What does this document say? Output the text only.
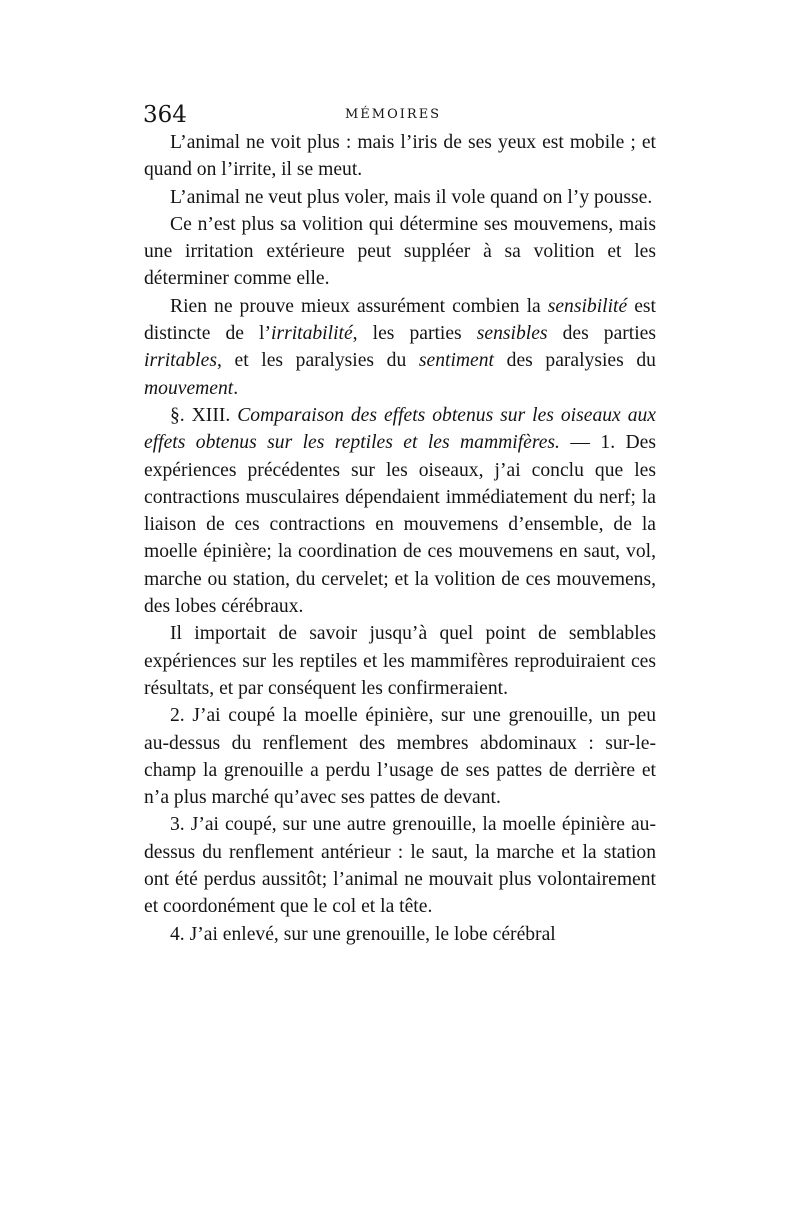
364	MÉMOIRES

L’animal ne voit plus : mais l’iris de ses yeux est mobile ; et quand on l’irrite, il se meut.

L’animal ne veut plus voler, mais il vole quand on l’y pousse.

Ce n’est plus sa volition qui détermine ses mouvemens, mais une irritation extérieure peut suppléer à sa volition et les déterminer comme elle.

Rien ne prouve mieux assurément combien la sensibilité est distincte de l’irritabilité, les parties sensibles des parties irritables, et les paralysies du sentiment des paralysies du mouvement.

§. XIII. Comparaison des effets obtenus sur les oiseaux aux effets obtenus sur les reptiles et les mammifères. — 1. Des expériences précédentes sur les oiseaux, j’ai conclu que les contractions musculaires dépendaient immédiatement du nerf; la liaison de ces contractions en mouvemens d’ensemble, de la moelle épinière; la coordination de ces mouvemens en saut, vol, marche ou station, du cervelet; et la volition de ces mouvemens, des lobes cérébraux.

Il importait de savoir jusqu’à quel point de semblables expériences sur les reptiles et les mammifères reproduiraient ces résultats, et par conséquent les confirmeraient.

2. J’ai coupé la moelle épinière, sur une grenouille, un peu au-dessus du renflement des membres abdominaux : sur-le-champ la grenouille a perdu l’usage de ses pattes de derrière et n’a plus marché qu’avec ses pattes de devant.

3. J’ai coupé, sur une autre grenouille, la moelle épinière au-dessus du renflement antérieur : le saut, la marche et la station ont été perdus aussitôt; l’animal ne mouvait plus volontairement et coordonément que le col et la tête.

4. J’ai enlevé, sur une grenouille, le lobe cérébral
